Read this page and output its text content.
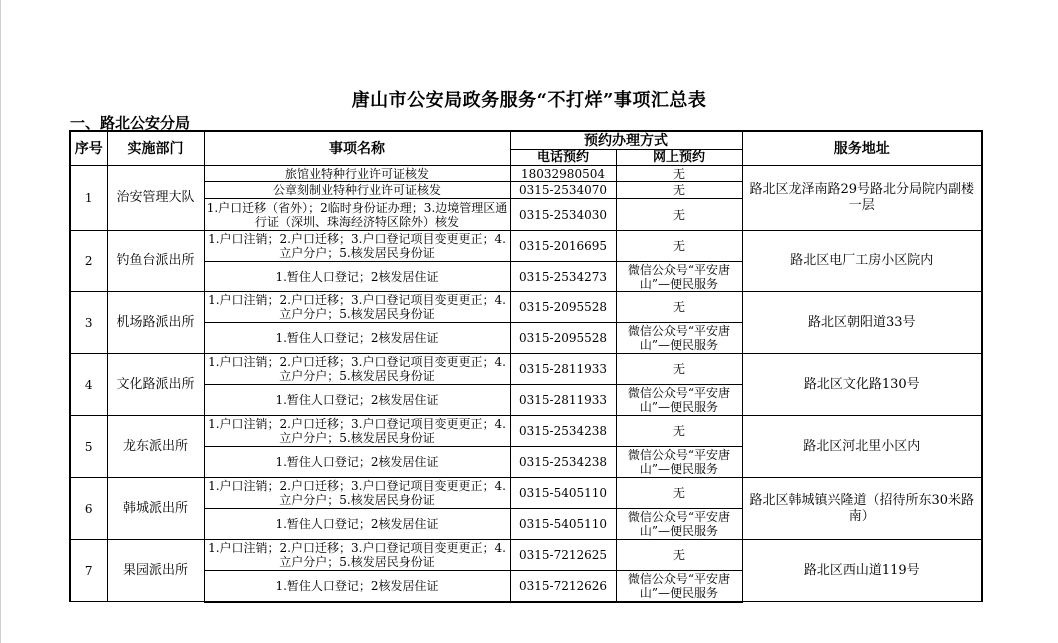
唐山市公安局政务服务“不打烊”事项汇总表
一、路北公安分局
序号	实施部门	事项名称	预约办理方式		服务地址
			电话预约	网上预约	
1	治安管理大队	旅馆业特种行业许可证核发	18032980504	无	路北区龙泽南路29号路北分局院内副楼一层
		公章刻制业特种行业许可证核发	0315-2534070	无	
		1.户口迁移（省外）；2临时身份证办理；3.边境管理区通行证（深圳、珠海经济特区除外）核发	0315-2534030	无	
2	钓鱼台派出所	1.户口注销；2.户口迁移；3.户口登记项目变更更正；4.立户分户；5.核发居民身份证	0315-2016695	无	路北区电厂工房小区院内
		1.暂住人口登记；2核发居住证	0315-2534273	微信公众号“平安唐山”—便民服务	
3	机场路派出所	1.户口注销；2.户口迁移；3.户口登记项目变更更正；4.立户分户；5.核发居民身份证	0315-2095528	无	路北区朝阳道33号
		1.暂住人口登记；2核发居住证	0315-2095528	微信公众号“平安唐山”—便民服务	
4	文化路派出所	1.户口注销；2.户口迁移；3.户口登记项目变更更正；4.立户分户；5.核发居民身份证	0315-2811933	无	路北区文化路130号
		1.暂住人口登记；2核发居住证	0315-2811933	微信公众号“平安唐山”—便民服务	
5	龙东派出所	1.户口注销；2.户口迁移；3.户口登记项目变更更正；4.立户分户；5.核发居民身份证	0315-2534238	无	路北区河北里小区内
		1.暂住人口登记；2核发居住证	0315-2534238	微信公众号“平安唐山”—便民服务	
6	韩城派出所	1.户口注销；2.户口迁移；3.户口登记项目变更更正；4.立户分户；5.核发居民身份证	0315-5405110	无	路北区韩城镇兴隆道（招待所东30米路南）
		1.暂住人口登记；2核发居住证	0315-5405110	微信公众号“平安唐山”—便民服务	
7	果园派出所	1.户口注销；2.户口迁移；3.户口登记项目变更更正；4.立户分户；5.核发居民身份证	0315-7212625	无	路北区西山道119号
		1.暂住人口登记；2核发居住证	0315-7212626	微信公众号“平安唐山”—便民服务	
